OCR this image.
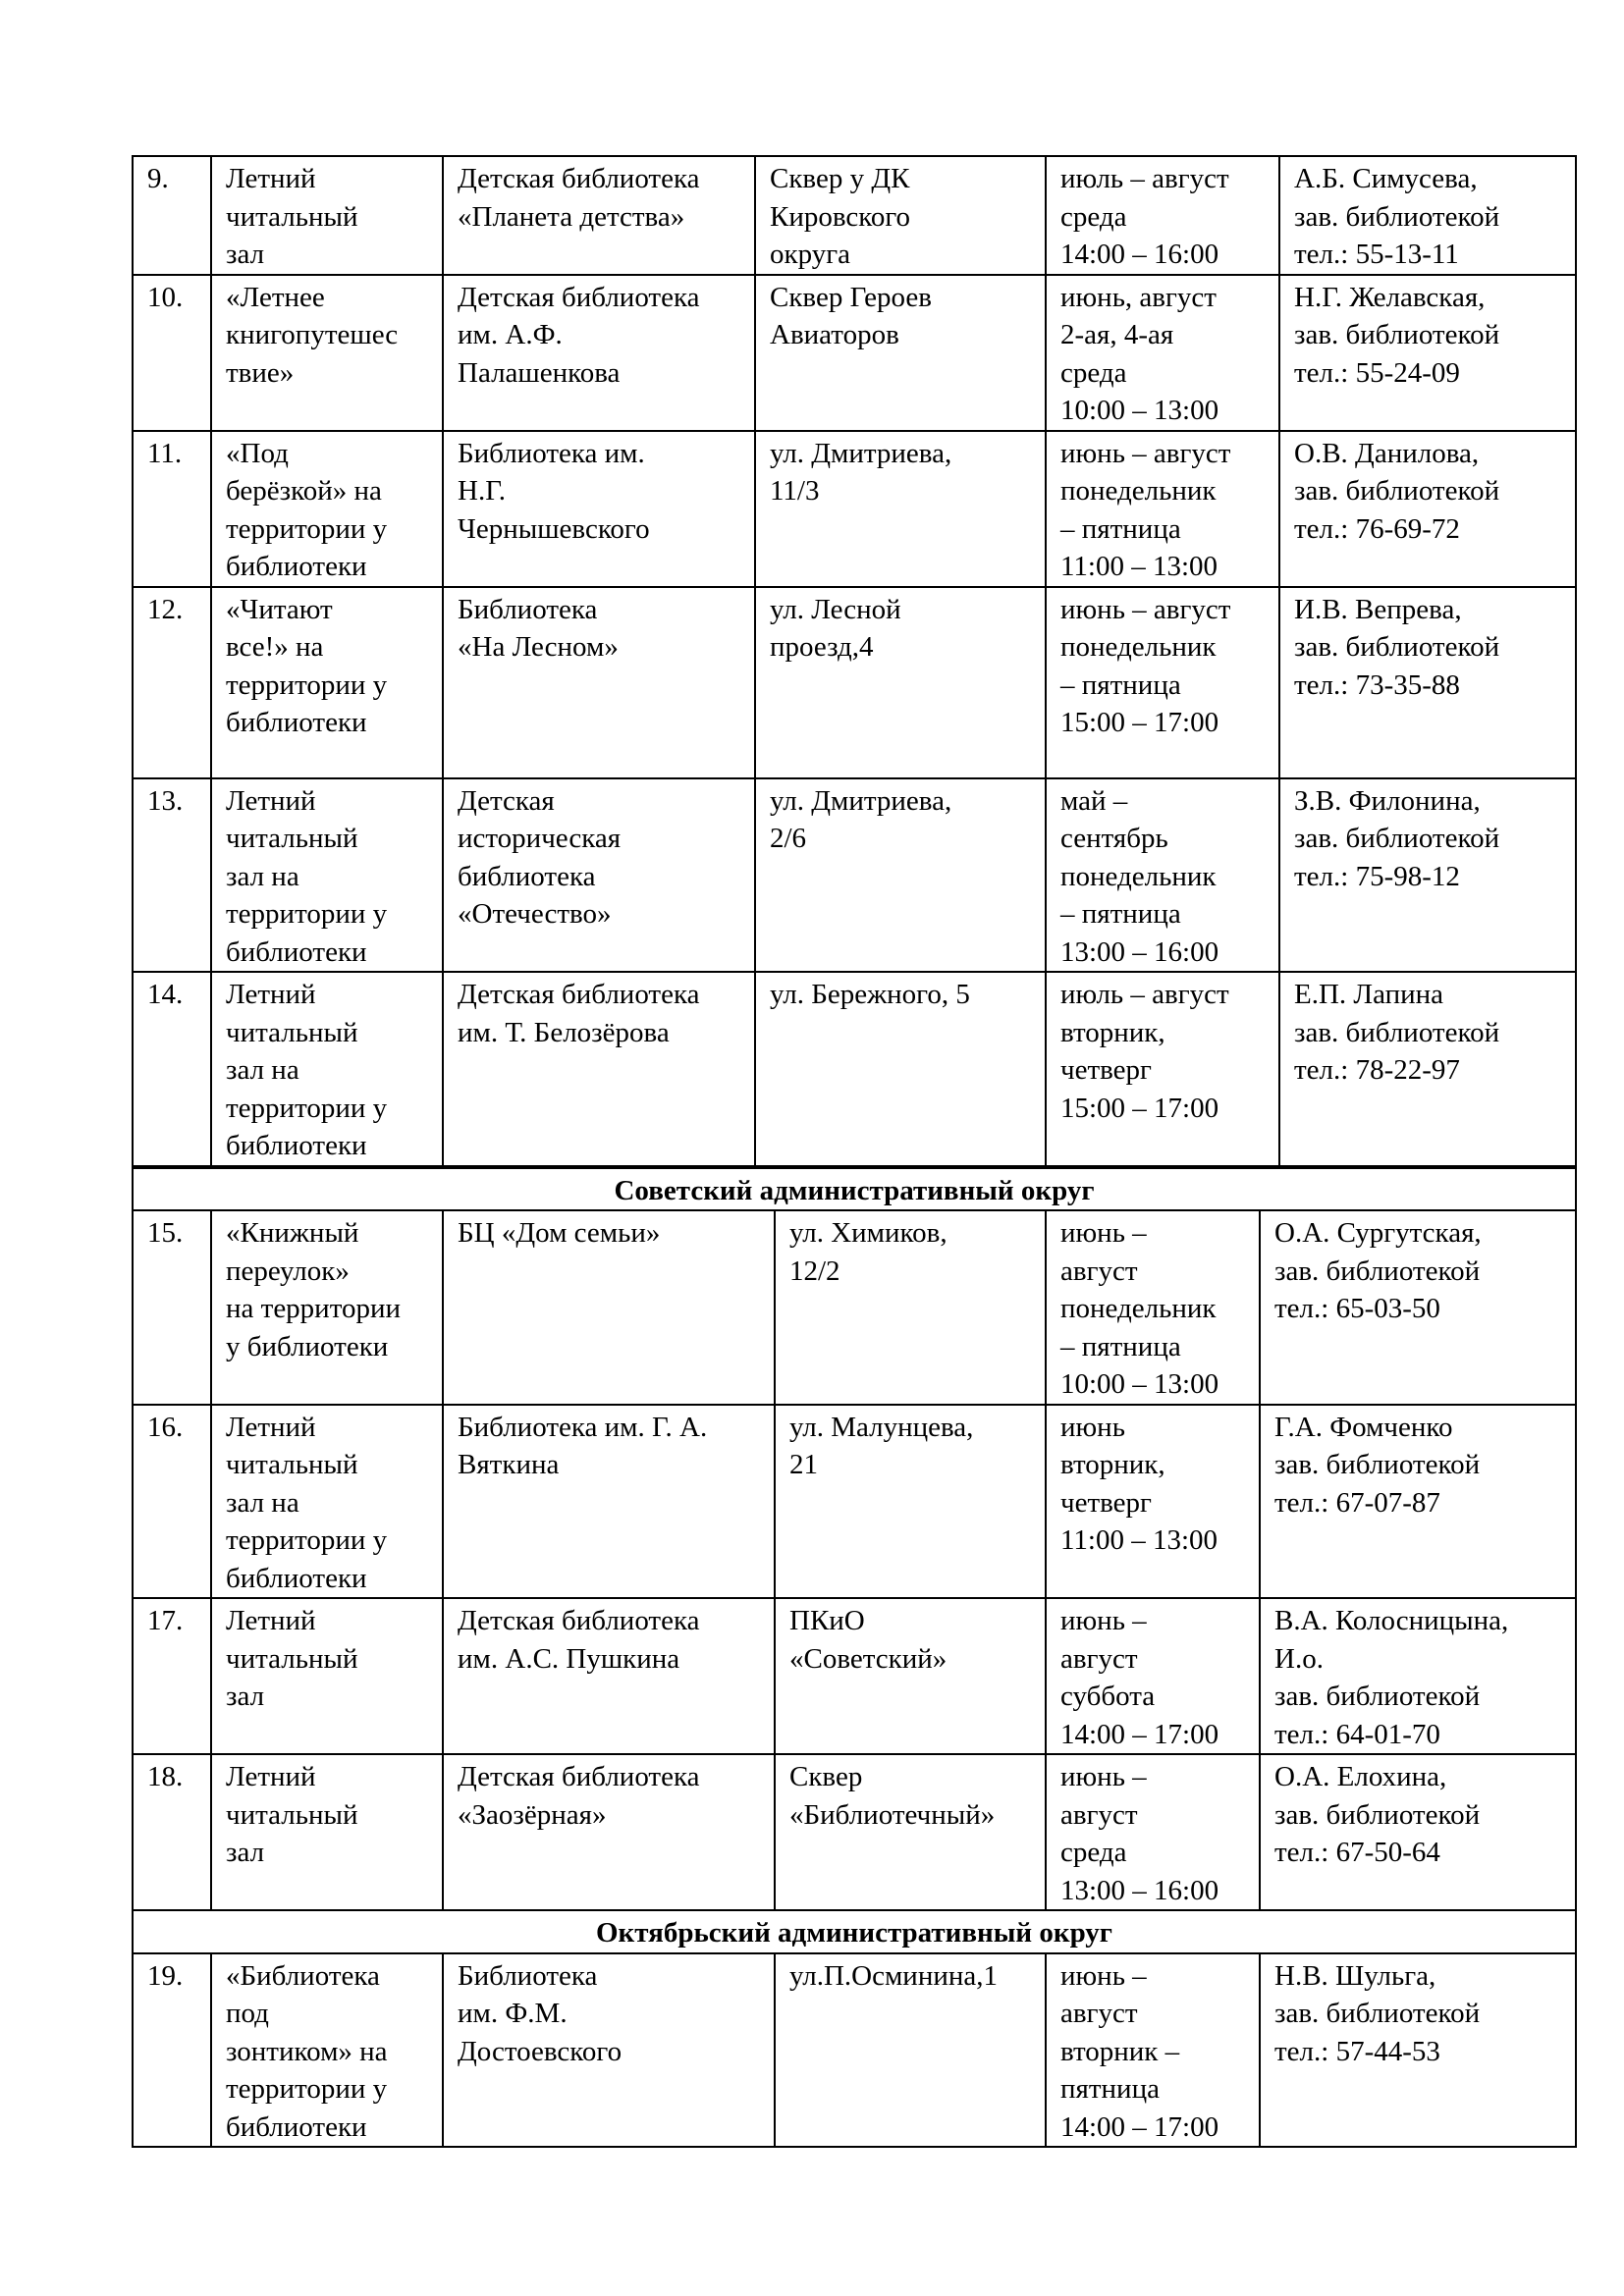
9.	Летний
читальный
зал	Детская библиотека
«Планета детства»	Сквер у ДК
Кировского
округа	июль – август
среда
14:00 – 16:00	А.Б. Симусева,
зав. библиотекой
тел.: 55-13-11
10.	«Летнее
книгопутешес
твие»	Детская библиотека
им. А.Ф.
Палашенкова	Сквер Героев
Авиаторов	июнь, август
2-ая, 4-ая
среда
10:00 – 13:00	Н.Г. Желавская,
зав. библиотекой
тел.: 55-24-09
11.	«Под
берёзкой» на
территории у
библиотеки	Библиотека им.
Н.Г.
Чернышевского	ул. Дмитриева,
11/3	июнь – август
понедельник
– пятница
11:00 – 13:00	О.В. Данилова,
зав. библиотекой
тел.: 76-69-72
12.	«Читают
все!» на
территории у
библиотеки	Библиотека
«На Лесном»	ул. Лесной
проезд,4	июнь – август
понедельник
– пятница
15:00 – 17:00	И.В. Вепрева,
зав. библиотекой
тел.: 73-35-88
13.	Летний
читальный
зал на
территории у
библиотеки	Детская
историческая
библиотека
«Отечество»	ул. Дмитриева,
2/6	май –
сентябрь
понедельник
– пятница
13:00 – 16:00	З.В. Филонина,
зав. библиотекой
тел.: 75-98-12
14.	Летний
читальный
зал на
территории у
библиотеки	Детская библиотека
им. Т. Белозёрова	ул. Бережного, 5	июль – август
вторник,
четверг
15:00 – 17:00	Е.П. Лапина
зав. библиотекой
тел.: 78-22-97
Советский административный округ					
15.	«Книжный
переулок»
на территории
у библиотеки	БЦ «Дом семьи»	ул. Химиков,
12/2	июнь –
август
понедельник
– пятница
10:00 – 13:00	О.А. Сургутская,
зав. библиотекой
тел.: 65-03-50
16.	Летний
читальный
зал на
территории у
библиотеки	Библиотека им. Г. А.
Вяткина	ул. Малунцева,
21	июнь
вторник,
четверг
11:00 – 13:00	Г.А. Фомченко
зав. библиотекой
тел.: 67-07-87
17.	Летний
читальный
зал	Детская библиотека
им. А.С. Пушкина	ПКиО
«Советский»	июнь –
август
суббота
14:00 – 17:00	В.А. Колосницына,
И.о.
зав. библиотекой
тел.: 64-01-70
18.	Летний
читальный
зал	Детская библиотека
«Заозёрная»	Сквер
«Библиотечный»	июнь –
август
среда
13:00 – 16:00	О.А. Елохина,
зав. библиотекой
тел.: 67-50-64
Октябрьский административный округ					
19.	«Библиотека
под
зонтиком» на
территории у
библиотеки	Библиотека
им. Ф.М.
Достоевского	ул.П.Осминина,1	июнь –
август
вторник –
пятница
14:00 – 17:00	Н.В. Шульга,
зав. библиотекой
тел.: 57-44-53
